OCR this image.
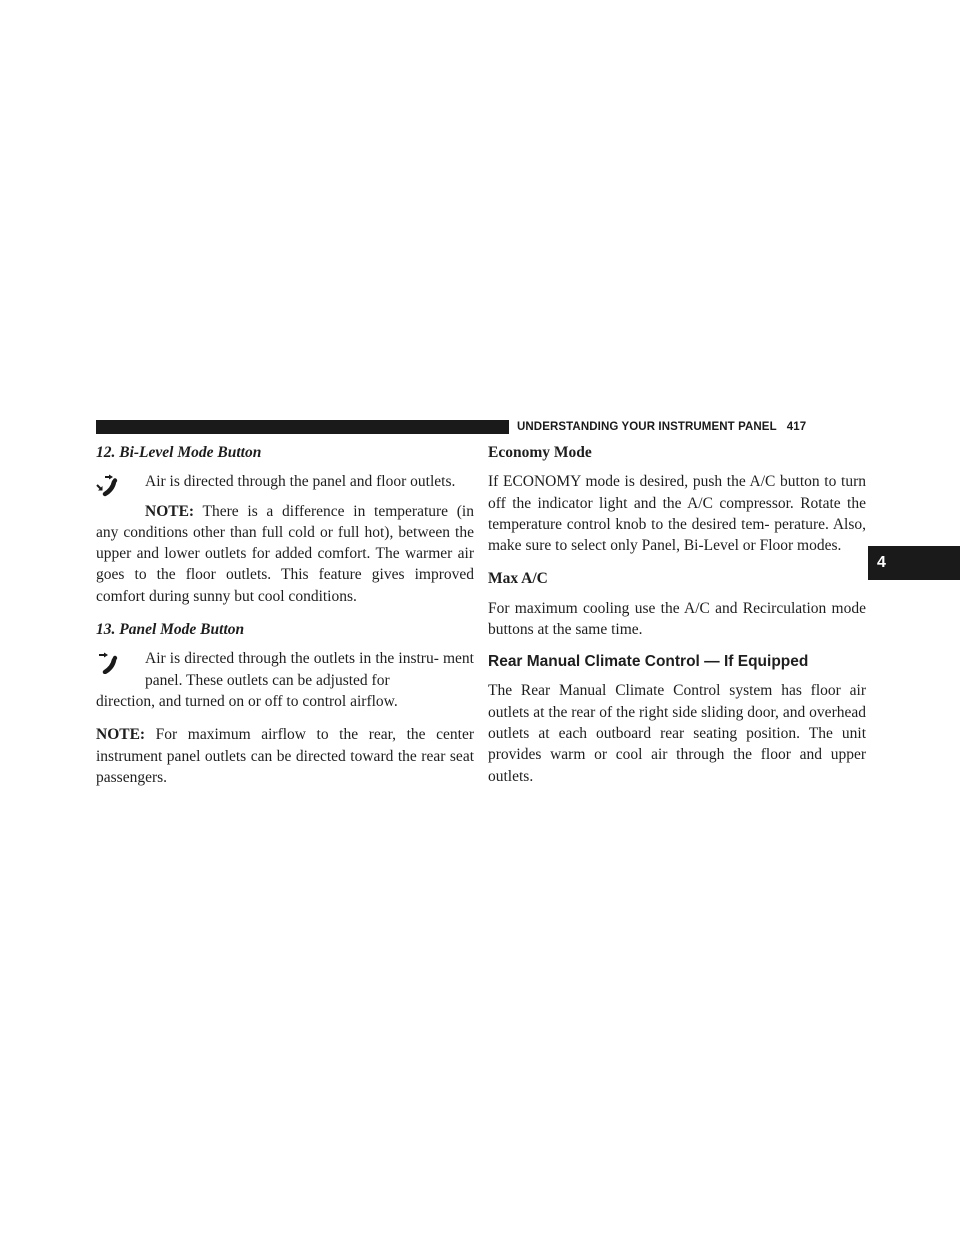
UNDERSTANDING YOUR INSTRUMENT PANEL 417
4
12. Bi-Level Mode Button

Air is directed through the panel and floor outlets.

NOTE: There is a difference in temperature (in

any conditions other than full cold or full hot), between the upper and lower outlets for added comfort. The warmer air goes to the floor outlets. This feature gives improved comfort during sunny but cool conditions.

13. Panel Mode Button

Air is directed through the outlets in the instru- ment panel. These outlets can be adjusted for

direction, and turned on or off to control airflow.

NOTE: For maximum airflow to the rear, the center instrument panel outlets can be directed toward the rear seat passengers.

Economy Mode

If ECONOMY mode is desired, push the A/C button to turn off the indicator light and the A/C compressor. Rotate the temperature control knob to the desired tem- perature. Also, make sure to select only Panel, Bi-Level or Floor modes.

Max A/C

For maximum cooling use the A/C and Recirculation mode buttons at the same time.

Rear Manual Climate Control — If Equipped

The Rear Manual Climate Control system has floor air outlets at the rear of the right side sliding door, and overhead outlets at each outboard rear seating position. The unit provides warm or cool air through the floor and upper outlets.
